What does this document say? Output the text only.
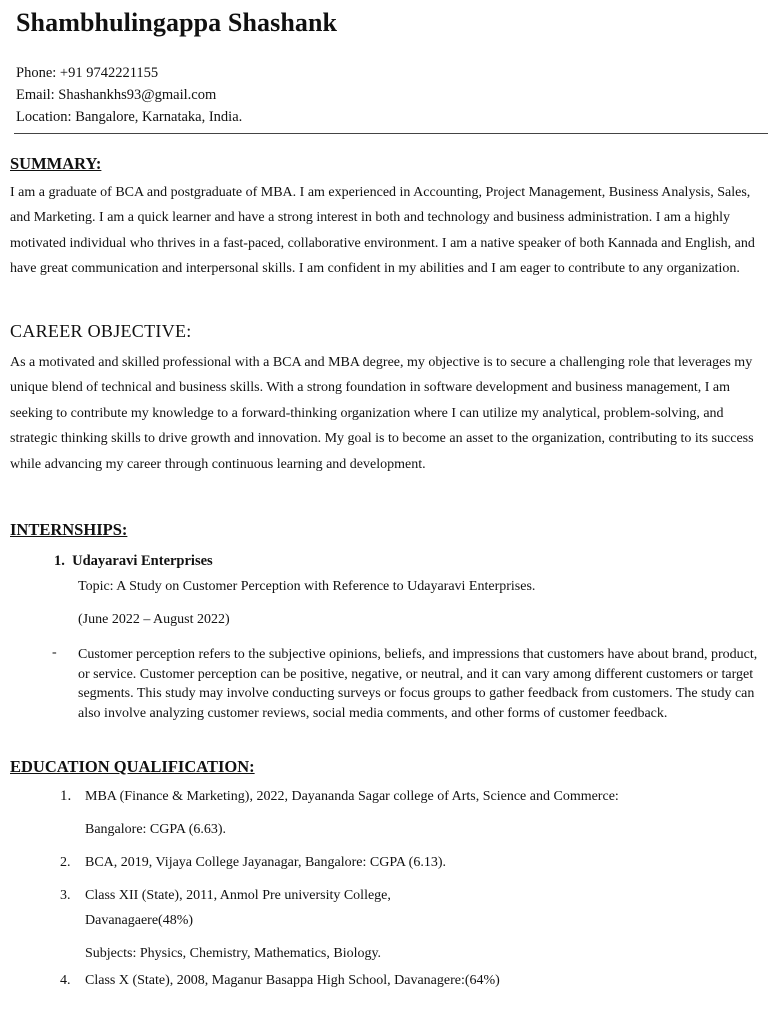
Shambhulingappa Shashank
Phone: +91 9742221155
Email: Shashankhs93@gmail.com
Location: Bangalore, Karnataka, India.
SUMMARY:

I am a graduate of BCA and postgraduate of MBA. I am experienced in Accounting, Project Management, Business Analysis, Sales, and Marketing. I am a quick learner and have a strong interest in both and technology and business administration. I am a highly motivated individual who thrives in a fast-paced, collaborative environment. I am a native speaker of both Kannada and English, and have great communication and interpersonal skills. I am confident in my abilities and I am eager to contribute to any organization.

CAREER OBJECTIVE:

As a motivated and skilled professional with a BCA and MBA degree, my objective is to secure a challenging role that leverages my unique blend of technical and business skills. With a strong foundation in software development and business management, I am seeking to contribute my knowledge to a forward-thinking organization where I can utilize my analytical, problem-solving, and strategic thinking skills to drive growth and innovation. My goal is to become an asset to the organization, contributing to its success while advancing my career through continuous learning and development.

INTERNSHIPS:
1. Udayaravi Enterprises
Topic: A Study on Customer Perception with Reference to Udayaravi Enterprises.
(June 2022 – August 2022)
- Customer perception refers to the subjective opinions, beliefs, and impressions that customers have about brand, product, or service. Customer perception can be positive, negative, or neutral, and it can vary among different customers or target segments. This study may involve conducting surveys or focus groups to gather feedback from customers. The study can also involve analyzing customer reviews, social media comments, and other forms of customer feedback.
EDUCATION QUALIFICATION:
1. MBA (Finance & Marketing), 2022, Dayananda Sagar college of Arts, Science and Commerce:
Bangalore: CGPA (6.63).
2. BCA, 2019, Vijaya College Jayanagar, Bangalore: CGPA (6.13).
3. Class XII (State), 2011, Anmol Pre university College,
Davanagaere(48%)
Subjects: Physics, Chemistry, Mathematics, Biology.
4. Class X (State), 2008, Maganur Basappa High School, Davanagere:(64%)
